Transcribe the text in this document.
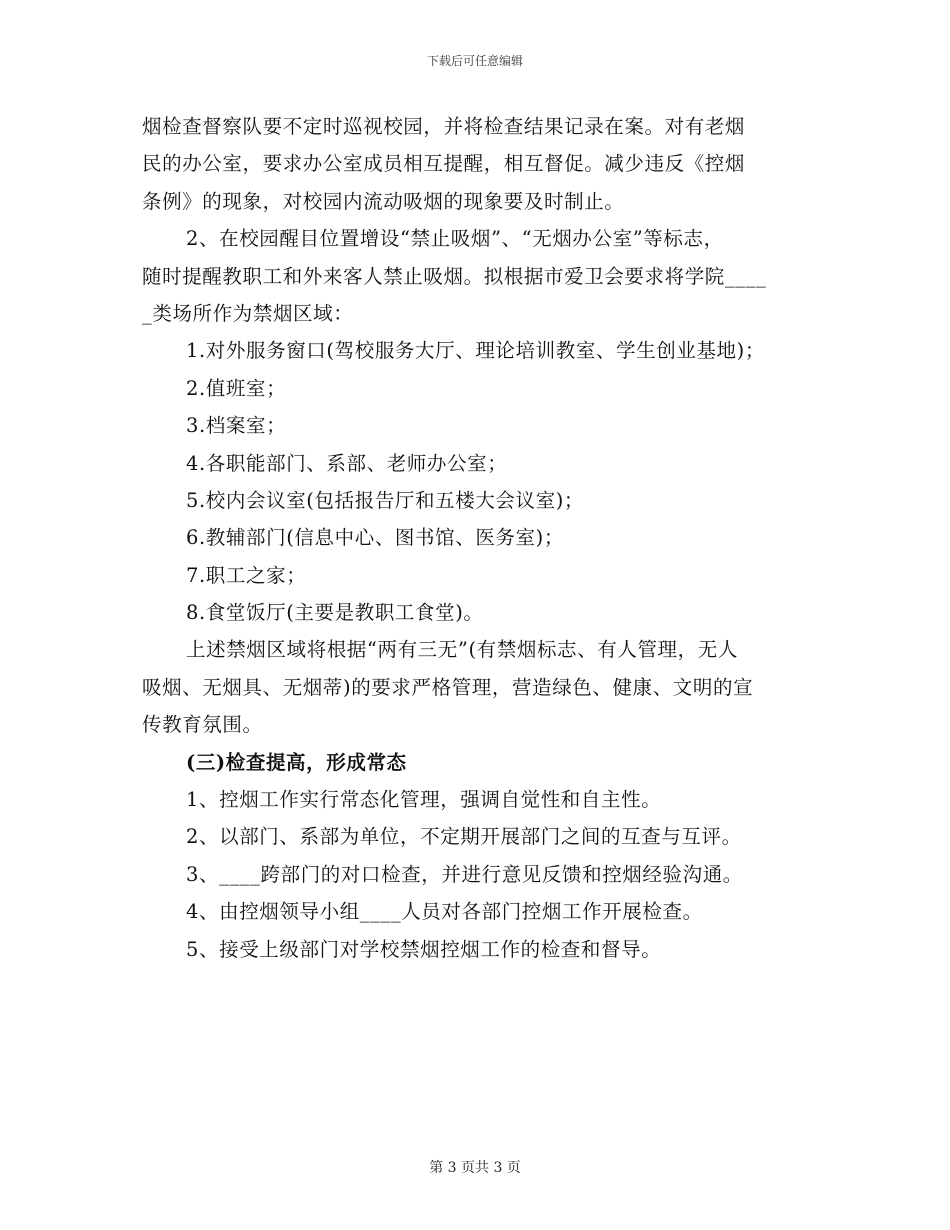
下载后可任意编辑
烟检查督察队要不定时巡视校园，并将检查结果记录在案。对有老烟
民的办公室，要求办公室成员相互提醒，相互督促。减少违反《控烟
条例》的现象，对校园内流动吸烟的现象要及时制止。
2、在校园醒目位置增设“禁止吸烟”、“无烟办公室”等标志，
随时提醒教职工和外来客人禁止吸烟。拟根据市爱卫会要求将学院____
_类场所作为禁烟区域：
1.对外服务窗口(驾校服务大厅、理论培训教室、学生创业基地)；
2.值班室；
3.档案室；
4.各职能部门、系部、老师办公室；
5.校内会议室(包括报告厅和五楼大会议室)；
6.教辅部门(信息中心、图书馆、医务室)；
7.职工之家；
8.食堂饭厅(主要是教职工食堂)。
上述禁烟区域将根据“两有三无”(有禁烟标志、有人管理，无人
吸烟、无烟具、无烟蒂)的要求严格管理，营造绿色、健康、文明的宣
传教育氛围。
(三)检查提高，形成常态
1、控烟工作实行常态化管理，强调自觉性和自主性。
2、以部门、系部为单位，不定期开展部门之间的互查与互评。
3、____跨部门的对口检查，并进行意见反馈和控烟经验沟通。
4、由控烟领导小组____人员对各部门控烟工作开展检查。
5、接受上级部门对学校禁烟控烟工作的检查和督导。
第 3 页共 3 页
